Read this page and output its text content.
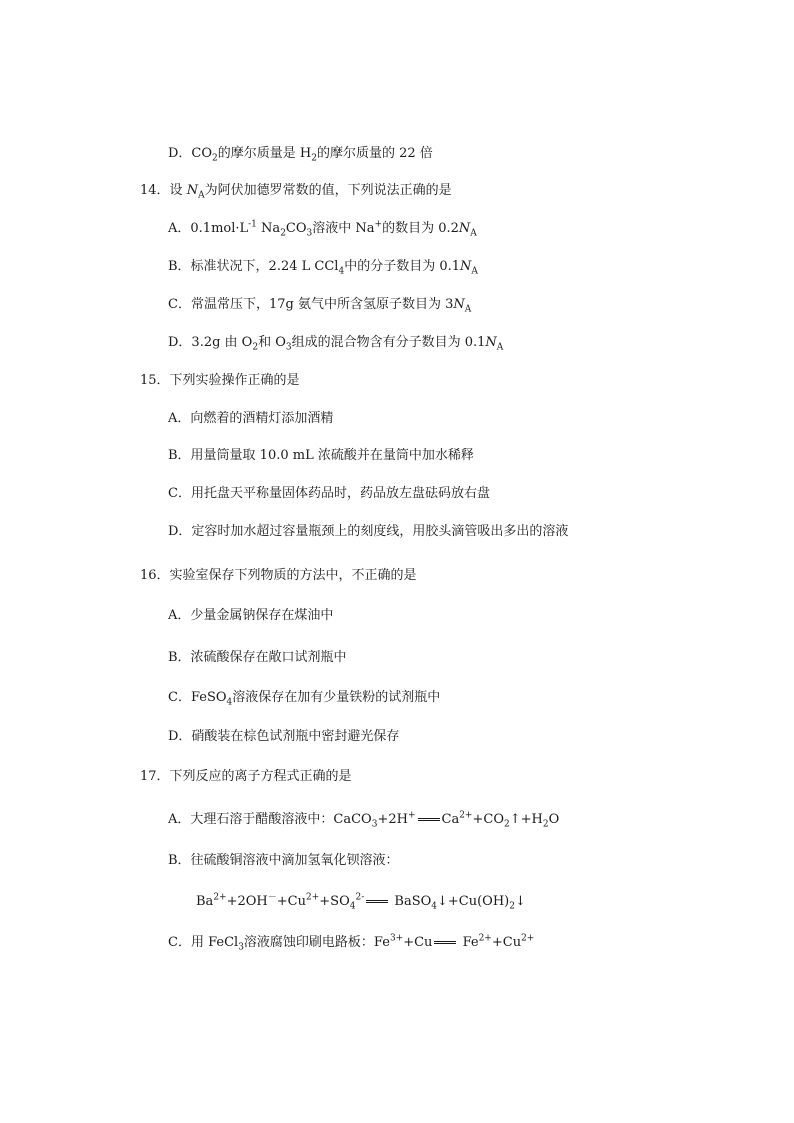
D．$CO_2$的摩尔质量是 $H_2$的摩尔质量的 22 倍
14．设 $N_A$为阿伏加德罗常数的值，下列说法正确的是
A．$0.1mol\cdot L^{-1}$ $Na_2CO_3$溶液中 Na+的数目为 $0.2N_A$
B．标准状况下，2.24 L CCl$_4$中的分子数目为 $0.1N_A$
C．常温常压下，17g 氨气中所含氢原子数目为 $3N_A$
D．3.2g 由 $O_2$和 $O_3$组成的混合物含有分子数目为 $0.1N_A$
15．下列实验操作正确的是
A．向燃着的酒精灯添加酒精
B．用量筒量取 10.0 mL 浓硫酸并在量筒中加水稀释
C．用托盘天平称量固体药品时，药品放左盘砝码放右盘
D．定容时加水超过容量瓶颈上的刻度线，用胶头滴管吸出多出的溶液
16．实验室保存下列物质的方法中，不正确的是
A．少量金属钠保存在煤油中
B．浓硫酸保存在敞口试剂瓶中
C．FeSO$_4$溶液保存在加有少量铁粉的试剂瓶中
D．硝酸装在棕色试剂瓶中密封避光保存
17．下列反应的离子方程式正确的是
A．大理石溶于醋酸溶液中：CaCO$_3$+2H+ $Ca^{2+}+CO_2↑+H_2O$
B．往硫酸铜溶液中滴加氢氧化钡溶液：
$Ba^{2+}+2OH^-+Cu^{2+}+SO_4^{2-}$ $BaSO_4↓+Cu(OH)_2↓$
C．用 FeCl$_3$溶液腐蚀印刷电路板：$Fe^{3+}+Cu$ $Fe^{2+}+Cu^{2+}$
